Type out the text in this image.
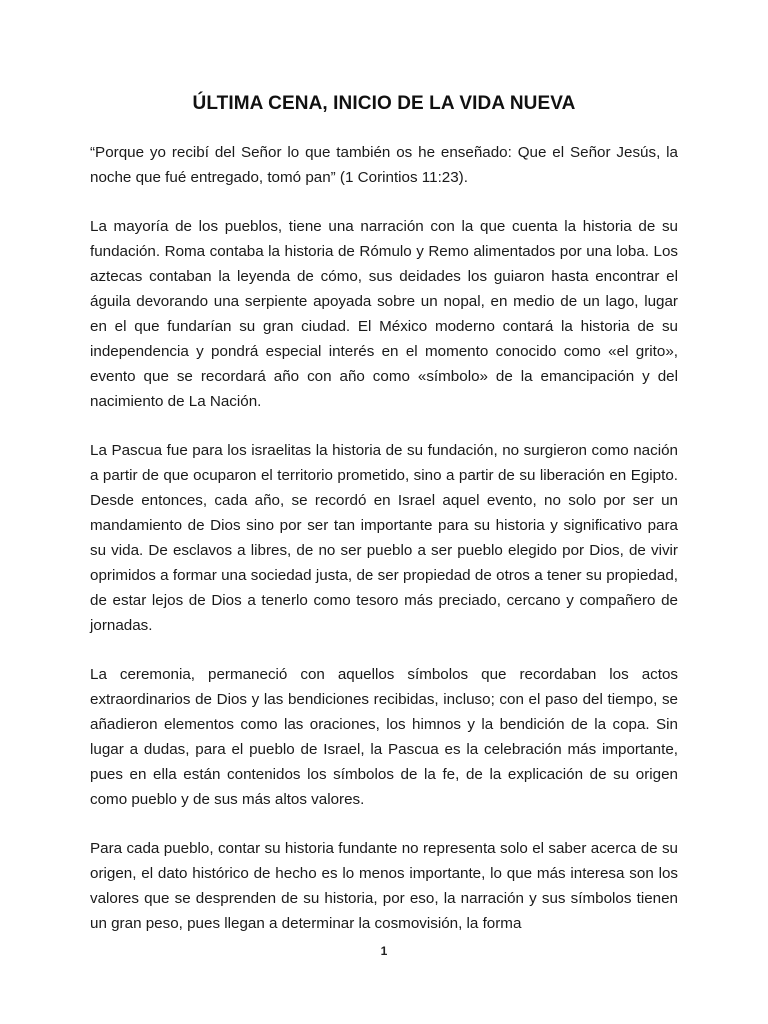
ÚLTIMA CENA, INICIO DE LA VIDA NUEVA

“Porque yo recibí del Señor lo que también os he enseñado: Que el Señor Jesús, la noche que fué entregado, tomó pan” (1 Corintios 11:23).

La mayoría de los pueblos, tiene una narración con la que cuenta la historia de su fundación. Roma contaba la historia de Rómulo y Remo alimentados por una loba. Los aztecas contaban la leyenda de cómo, sus deidades los guiaron hasta encontrar el águila devorando una serpiente apoyada sobre un nopal, en medio de un lago, lugar en el que fundarían su gran ciudad. El México moderno contará la historia de su independencia y pondrá especial interés en el momento conocido como «el grito», evento que se recordará año con año como «símbolo» de la emancipación y del nacimiento de La Nación.

La Pascua fue para los israelitas la historia de su fundación, no surgieron como nación a partir de que ocuparon el territorio prometido, sino a partir de su liberación en Egipto. Desde entonces, cada año, se recordó en Israel aquel evento, no solo por ser un mandamiento de Dios sino por ser tan importante para su historia y significativo para su vida. De esclavos a libres, de no ser pueblo a ser pueblo elegido por Dios, de vivir oprimidos a formar una sociedad justa, de ser propiedad de otros a tener su propiedad, de estar lejos de Dios a tenerlo como tesoro más preciado, cercano y compañero de jornadas.

La ceremonia, permaneció con aquellos símbolos que recordaban los actos extraordinarios de Dios y las bendiciones recibidas, incluso; con el paso del tiempo, se añadieron elementos como las oraciones, los himnos y la bendición de la copa. Sin lugar a dudas, para el pueblo de Israel, la Pascua es la celebración más importante, pues en ella están contenidos los símbolos de la fe, de la explicación de su origen como pueblo y de sus más altos valores.

Para cada pueblo, contar su historia fundante no representa solo el saber acerca de su origen, el dato histórico de hecho es lo menos importante, lo que más interesa son los valores que se desprenden de su historia, por eso, la narración y sus símbolos tienen un gran peso, pues llegan a determinar la cosmovisión, la forma

1
